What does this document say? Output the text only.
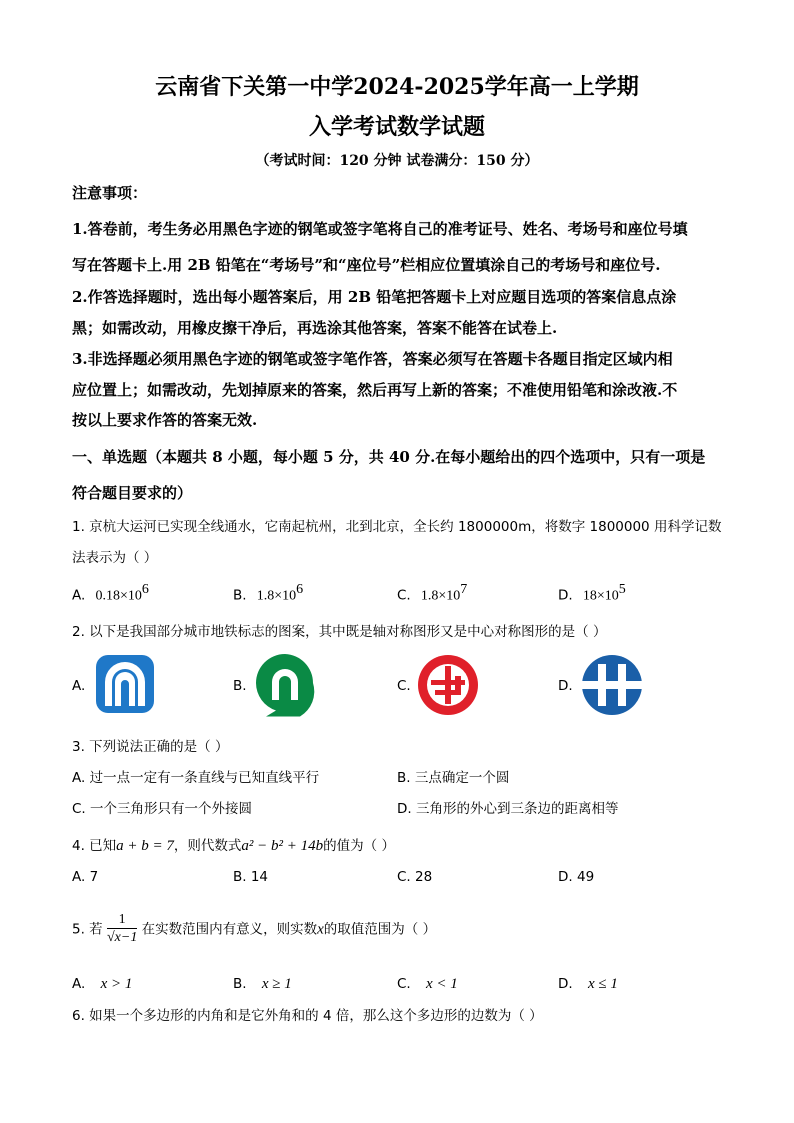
云南省下关第一中学2024-2025学年高一上学期
入学考试数学试题
（考试时间：120 分钟 试卷满分：150 分）
注意事项：
1.答卷前，考生务必用黑色字迹的钢笔或签字笔将自己的准考证号、姓名、考场号和座位号填
写在答题卡上.用 2B 铅笔在“考场号”和“座位号”栏相应位置填涂自己的考场号和座位号.
2.作答选择题时，选出每小题答案后，用 2B 铅笔把答题卡上对应题目选项的答案信息点涂
黑；如需改动，用橡皮擦干净后，再选涂其他答案，答案不能答在试卷上.
3.非选择题必须用黑色字迹的钢笔或签字笔作答，答案必须写在答题卡各题目指定区域内相
应位置上；如需改动，先划掉原来的答案，然后再写上新的答案；不准使用铅笔和涂改液.不
按以上要求作答的答案无效.
一、单选题（本题共 8 小题，每小题 5 分，共 40 分.在每小题给出的四个选项中，只有一项是
符合题目要求的）
1. 京杭大运河已实现全线通水，它南起杭州，北到北京，全长约 1800000m，将数字 1800000 用科学记数
法表示为（ ）
A. $0.18\times 10^6$	B. $1.8\times 10^6$	C. $1.8\times 10^7$	D. $18\times 10^5$
2. 以下是我国部分城市地铁标志的图案，其中既是轴对称图形又是中心对称图形的是（ ）
A.	B.	C.	D.
3. 下列说法正确的是（ ）
A. 过一点一定有一条直线与已知直线平行	B. 三点确定一个圆
C. 一个三角形只有一个外接圆	D. 三角形的外心到三条边的距离相等
4. 已知a + b = 7，则代数式a² − b² + 14b的值为（ ）
A. 7	B. 14	C. 28	D. 49
5. 若 $\frac{1}{√x-1}$ 在实数范围内有意义，则实数x的取值范围为（ ）
A. x > 1	B. x ≥ 1	C. x < 1	D. x ≤ 1
6. 如果一个多边形的内角和是它外角和的 4 倍，那么这个多边形的边数为（ ）
